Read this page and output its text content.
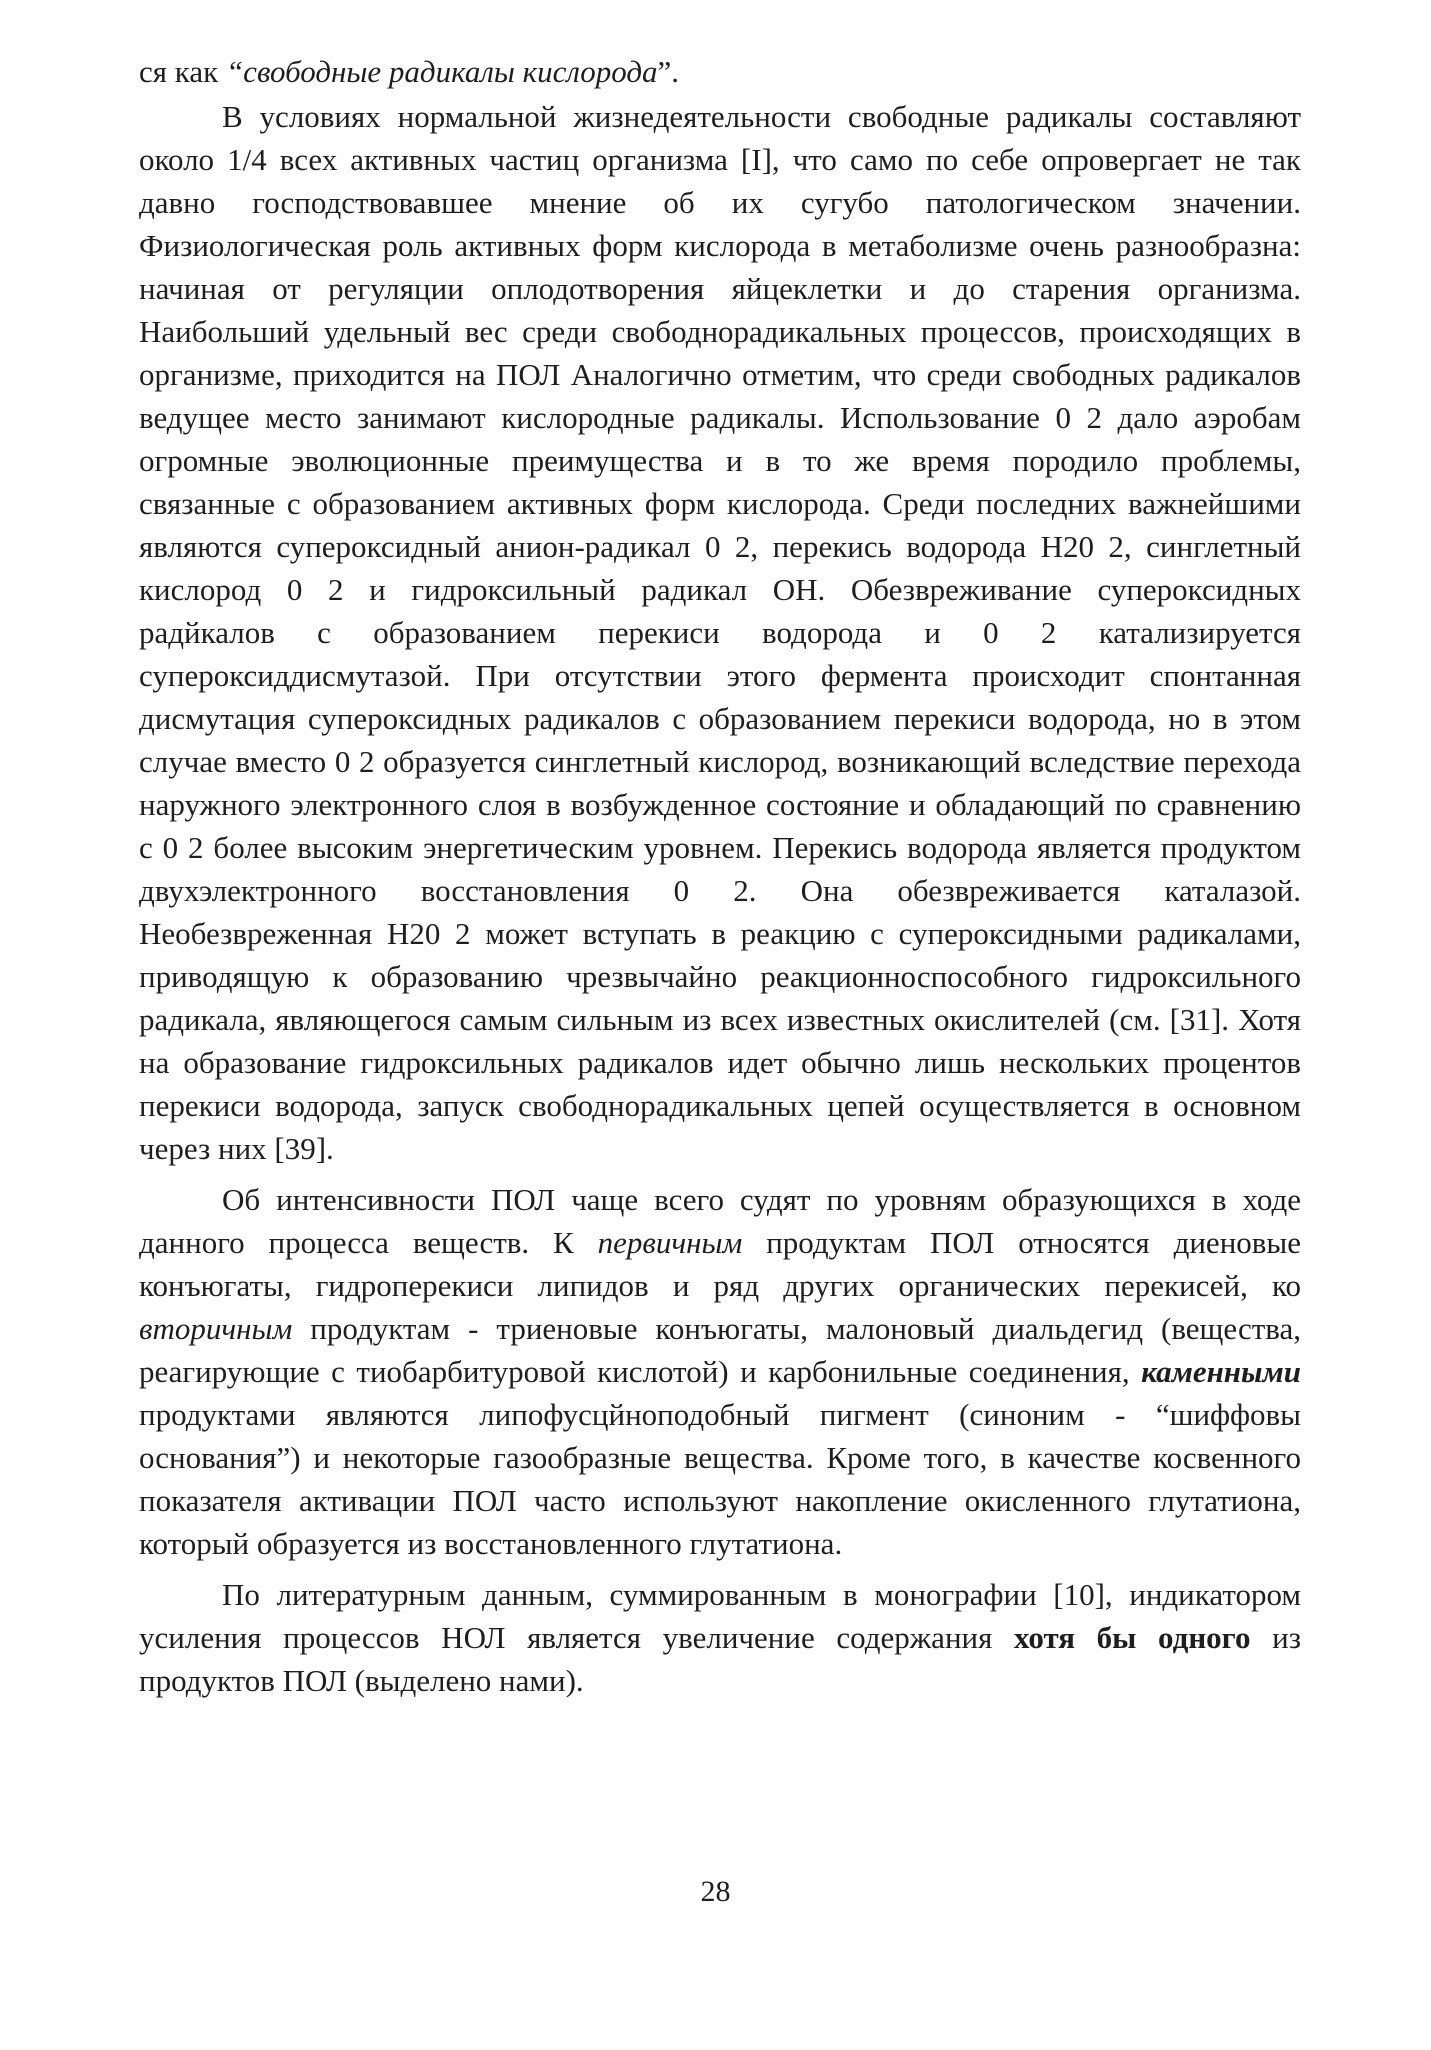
ся как “свободные радикалы кислорода”.

В условиях нормальной жизнедеятельности свободные радикалы составляют около 1/4 всех активных частиц организма [I], что само по себе опровергает не так давно господствовавшее мнение об их сугубо патологическом значении. Физиологическая роль активных форм кислорода в метаболизме очень разнообразна: начиная от регуляции оплодотворения яйцеклетки и до старения организма. Наибольший удельный вес среди свободнорадикальных процессов, происходящих в организме, приходится на ПОЛ Аналогично отметим, что среди свободных радикалов ведущее место занимают кислородные радикалы. Использование 0 2 дало аэробам огромные эволюционные преимущества и в то же время породило проблемы, связанные с образованием активных форм кислорода. Среди последних важнейшими являются супероксидный анион-радикал 0 2, перекись водорода Н20 2, синглетный кислород 0 2 и гидроксильный радикал ОН. Обезвреживание супероксидных радйкалов с образованием перекиси водорода и 0 2 катализируется супероксиддисмутазой. При отсутствии этого фермента происходит спонтанная дисмутация супероксидных радикалов с образованием перекиси водорода, но в этом случае вместо 0 2 образуется синглетный кислород, возникающий вследствие перехода наружного электронного слоя в возбужденное состояние и обладающий по сравнению с 0 2 более высоким энергетическим уровнем. Перекись водорода является продуктом двухэлектронного восстановления 0 2. Она обезвреживается каталазой. Необезвреженная Н20 2 может вступать в реакцию с супероксидными радикалами, приводящую к образованию чрезвычайно реакционноспособного гидроксильного радикала, являющегося самым сильным из всех известных окислителей (см. [31]. Хотя на образование гидроксильных радикалов идет обычно лишь нескольких процентов перекиси водорода, запуск свободнорадикальных цепей осуществляется в основном через них [39].

Об интенсивности ПОЛ чаще всего судят по уровням образующихся в ходе данного процесса веществ. К первичным продуктам ПОЛ относятся диеновые конъюгаты, гидроперекиси липидов и ряд других органических перекисей, ко вторичным продуктам - триеновые конъюгаты, малоновый диальдегид (вещества, реагирующие с тиобарбитуровой кислотой) и карбонильные соединения, каменными продуктами являются липофусцйноподобный пигмент (синоним - “шиффовы основания”) и некоторые газообразные вещества. Кроме того, в качестве косвенного показателя активации ПОЛ часто используют накопление окисленного глутатиона, который образуется из восстановленного глутатиона.

По литературным данным, суммированным в монографии [10], индикатором усиления процессов НОЛ является увеличение содержания хотя бы одного из продуктов ПОЛ (выделено нами).

28
